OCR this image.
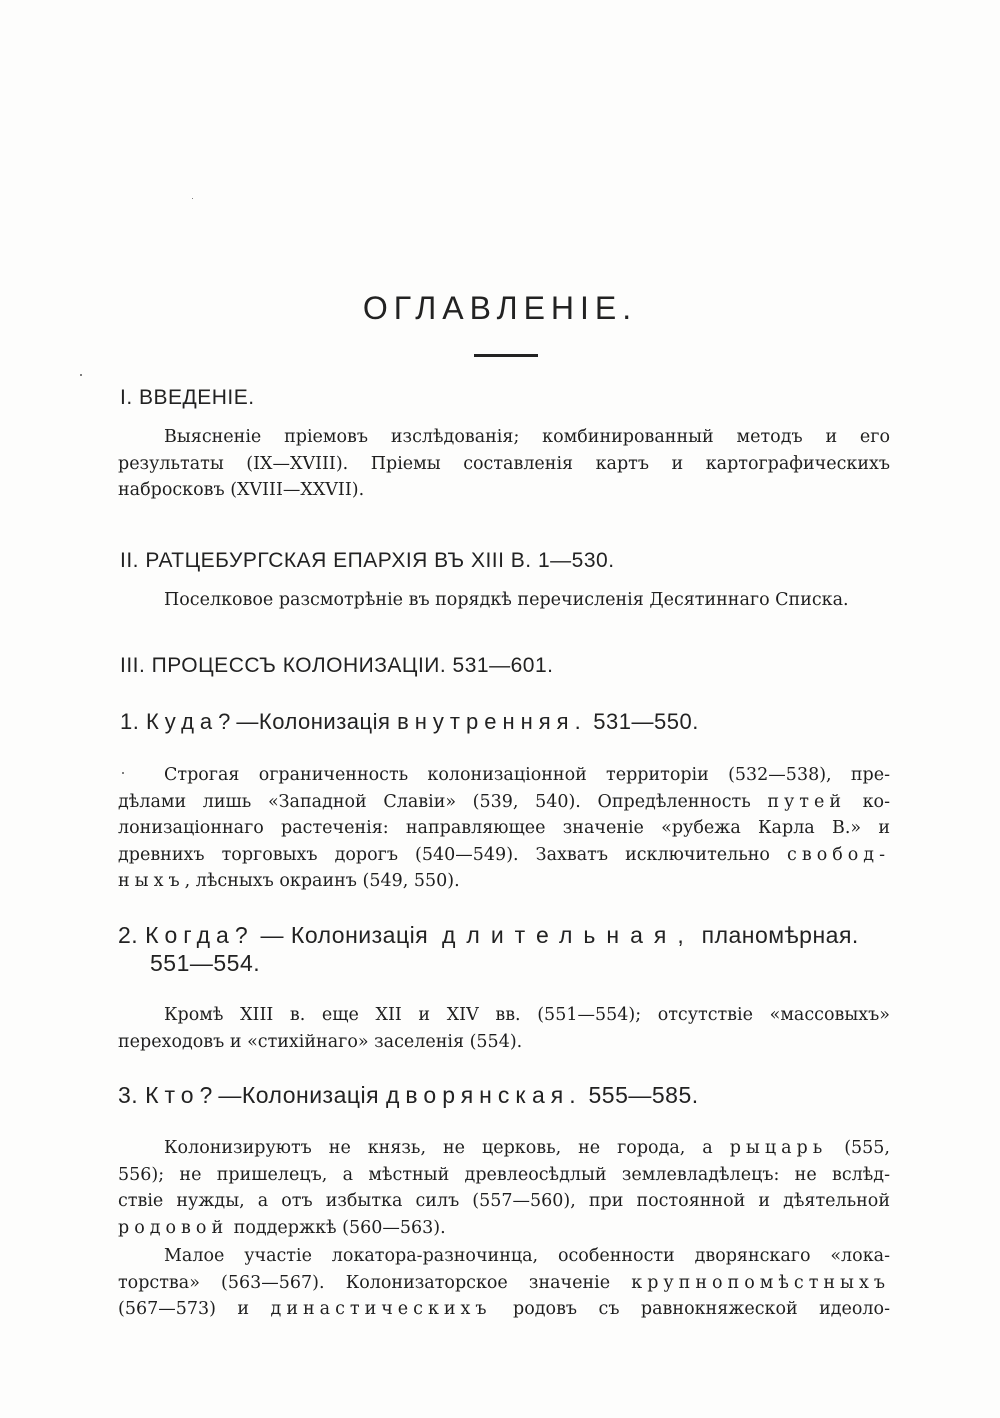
ОГЛАВЛЕНІЕ.
I. ВВЕДЕНІЕ.
Выясненіе пріемовъ изслѣдованія; комбинированный методъ и его
результаты (IX—XVIII). Пріемы составленія картъ и картографическихъ
набросковъ (XVIII—XXVII).
II. РАТЦЕБУРГСКАЯ ЕПАРХІЯ ВЪ XIII В. 1—530.
Поселковое разсмотрѣніе въ порядкѣ перечисленія Десятиннаго Списка.
III. ПРОЦЕССЪ КОЛОНИЗАЦІИ. 531—601.
1. Куда?—Колонизація внутренняя. 531—550.
Строгая ограниченность колонизаціонной территоріи (532—538), пре-
дѣлами лишь «Западной Славіи» (539, 540). Опредѣленность путей ко-
лонизаціоннаго растеченія: направляющее значеніе «рубежа Карла В.» и
древнихъ торговыхъ дорогъ (540—549). Захватъ исключительно свобод-
ныхъ, лѣсныхъ окраинъ (549, 550).
2. Когда? — Колонизація  длительная, планомѣрная.
551—554.
Кромѣ XIII в. еще XII и XIV вв. (551—554); отсутствіе «массовыхъ»
переходовъ и «стихійнаго» заселенія (554).
3. Кто?—Колонизація дворянская. 555—585.
Колонизируютъ не князь, не церковь, не города, а рыцарь (555,
556); не пришелецъ, а мѣстный древлеосѣдлый землевладѣлецъ: не вслѣд-
ствіе нужды, а отъ избытка силъ (557—560), при постоянной и дѣятельной
родовой поддержкѣ (560—563).
Малое участіе локатора-разночинца, особенности дворянскаго «лока-
торства» (563—567). Колонизаторское значеніе крупнопомѣстныхъ
(567—573) и династическихъ родовъ съ равнокняжеской идеоло-
